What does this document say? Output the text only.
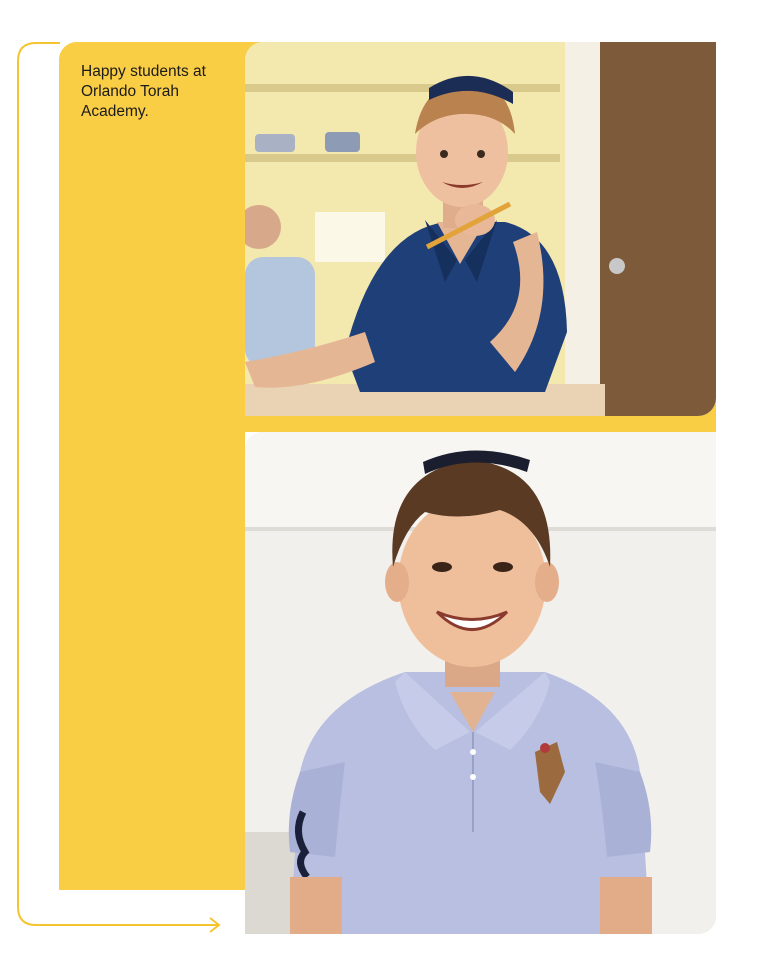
Happy students at Orlando Torah Academy.
